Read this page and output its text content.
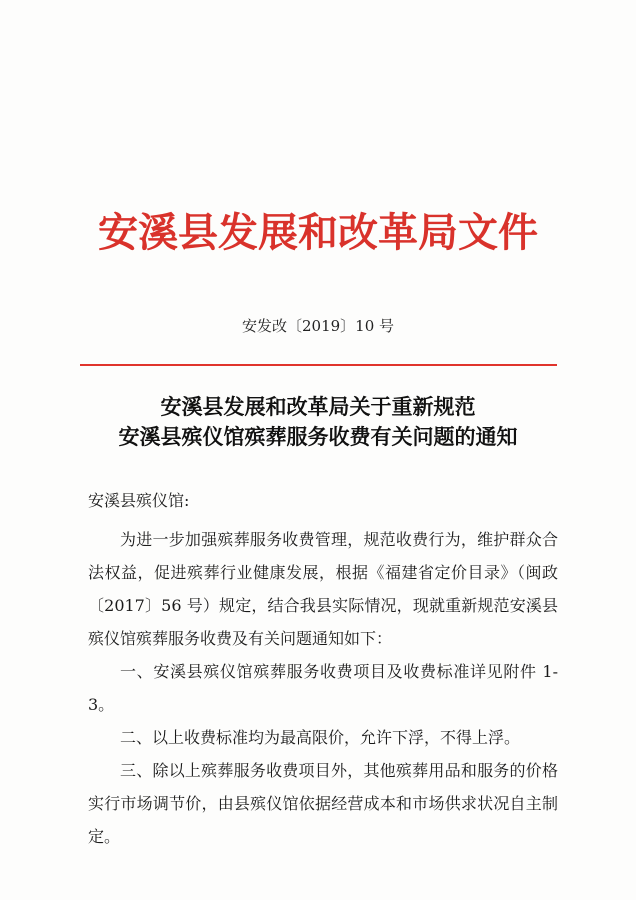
安溪县发展和改革局文件
安发改〔2019〕10 号
安溪县发展和改革局关于重新规范
安溪县殡仪馆殡葬服务收费有关问题的通知
安溪县殡仪馆:

为进一步加强殡葬服务收费管理，规范收费行为，维护群众合法权益，促进殡葬行业健康发展，根据《福建省定价目录》（闽政〔2017〕56 号）规定，结合我县实际情况，现就重新规范安溪县殡仪馆殡葬服务收费及有关问题通知如下：

一、安溪县殡仪馆殡葬服务收费项目及收费标准详见附件 1-3。

二、以上收费标准均为最高限价，允许下浮，不得上浮。

三、除以上殡葬服务收费项目外，其他殡葬用品和服务的价格实行市场调节价，由县殡仪馆依据经营成本和市场供求状况自主制定。
